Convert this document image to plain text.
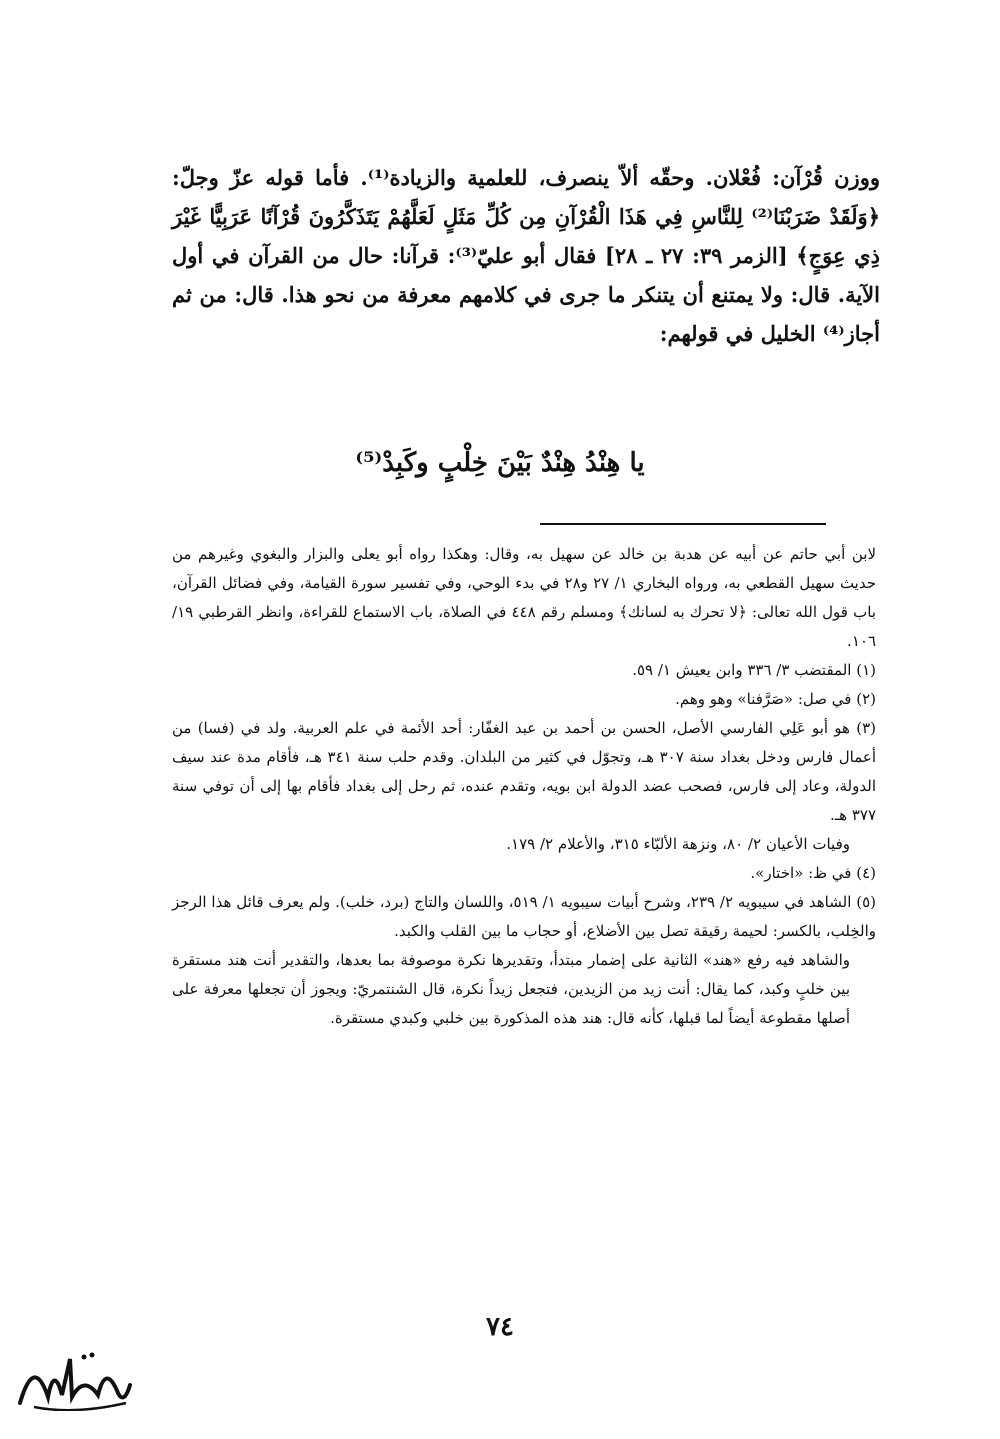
ووزن قُرْآن: فُعْلان. وحقّه ألاّ ينصرف، للعلمية والزيادة⁽¹⁾. فأما قوله عزّ وجلّ: ﴿وَلَقَدْ ضَرَبْنَا⁽²⁾ لِلنَّاسِ فِي هَذَا الْقُرْآنِ مِن كُلِّ مَثَلٍ لَعَلَّهُمْ يَتَذَكَّرُونَ قُرْآنًا عَرَبِيًّا غَيْرَ ذِي عِوَجٍ﴾ [الزمر ٣٩: ٢٧ ـ ٢٨] فقال أبو عليّ⁽³⁾: قرآنا: حال من القرآن في أول الآية. قال: ولا يمتنع أن يتنكر ما جرى في كلامهم معرفة من نحو هذا. قال: من ثم أجاز⁽⁴⁾ الخليل في قولهم:

يا هِنْدُ هِنْدٌ بَيْنَ خِلْبٍ وكَبِدْ⁽⁵⁾

لابن أبي حاتم عن أبيه عن هدبة بن خالد عن سهيل به، وقال: وهكذا رواه أبو يعلى والبزار والبغوي وغيرهم من حديث سهيل القطعي به، ورواه البخاري ١/ ٢٧ و٢٨ في بدء الوحي، وفي تفسير سورة القيامة، وفي فضائل القرآن، باب قول الله تعالى: ﴿لا تحرك به لسانك﴾ ومسلم رقم ٤٤٨ في الصلاة، باب الاستماع للقراءة، وانظر القرطبي ١٩/ ١٠٦.

(١) المقتضب ٣/ ٣٣٦ وابن يعيش ١/ ٥٩.

(٢) في صل: «صَرَّفنا» وهو وهم.

(٣) هو أبو عَلِي الفارسي الأصل، الحسن بن أحمد بن عبد الغفّار: أحد الأئمة في علم العربية. ولد في (فسا) من أعمال فارس ودخل بغداد سنة ٣٠٧ هـ، وتجوّل في كثير من البلدان. وقدم حلب سنة ٣٤١ هـ، فأقام مدة عند سيف الدولة، وعاد إلى فارس، فصحب عضد الدولة ابن بويه، وتقدم عنده، ثم رحل إلى بغداد فأقام بها إلى أن توفي سنة ٣٧٧ هـ.

وفيات الأعيان ٢/ ٨٠، ونزهة الألبّاء ٣١٥، والأعلام ٢/ ١٧٩.

(٤) في ظ: «اختار».

(٥) الشاهد في سيبويه ٢/ ٢٣٩، وشرح أبيات سيبويه ١/ ٥١٩، واللسان والتاج (برد، خلب). ولم يعرف قائل هذا الرجز والخِلب، بالكسر: لحيمة رقيقة تصل بين الأضلاع، أو حجاب ما بين القلب والكبد.

والشاهد فيه رفع «هند» الثانية على إضمار مبتدأ، وتقديرها نكرة موصوفة بما بعدها، والتقدير أنت هند مستقرة بين خلبٍ وكبد، كما يقال: أنت زيد من الزيدين، فتجعل زيداً نكرة، قال الشنتمريّ: ويجوز أن تجعلها معرفة على أصلها مقطوعة أيضاً لما قبلها، كأنه قال: هند هذه المذكورة بين خلبي وكبدي مستقرة.

٧٤
